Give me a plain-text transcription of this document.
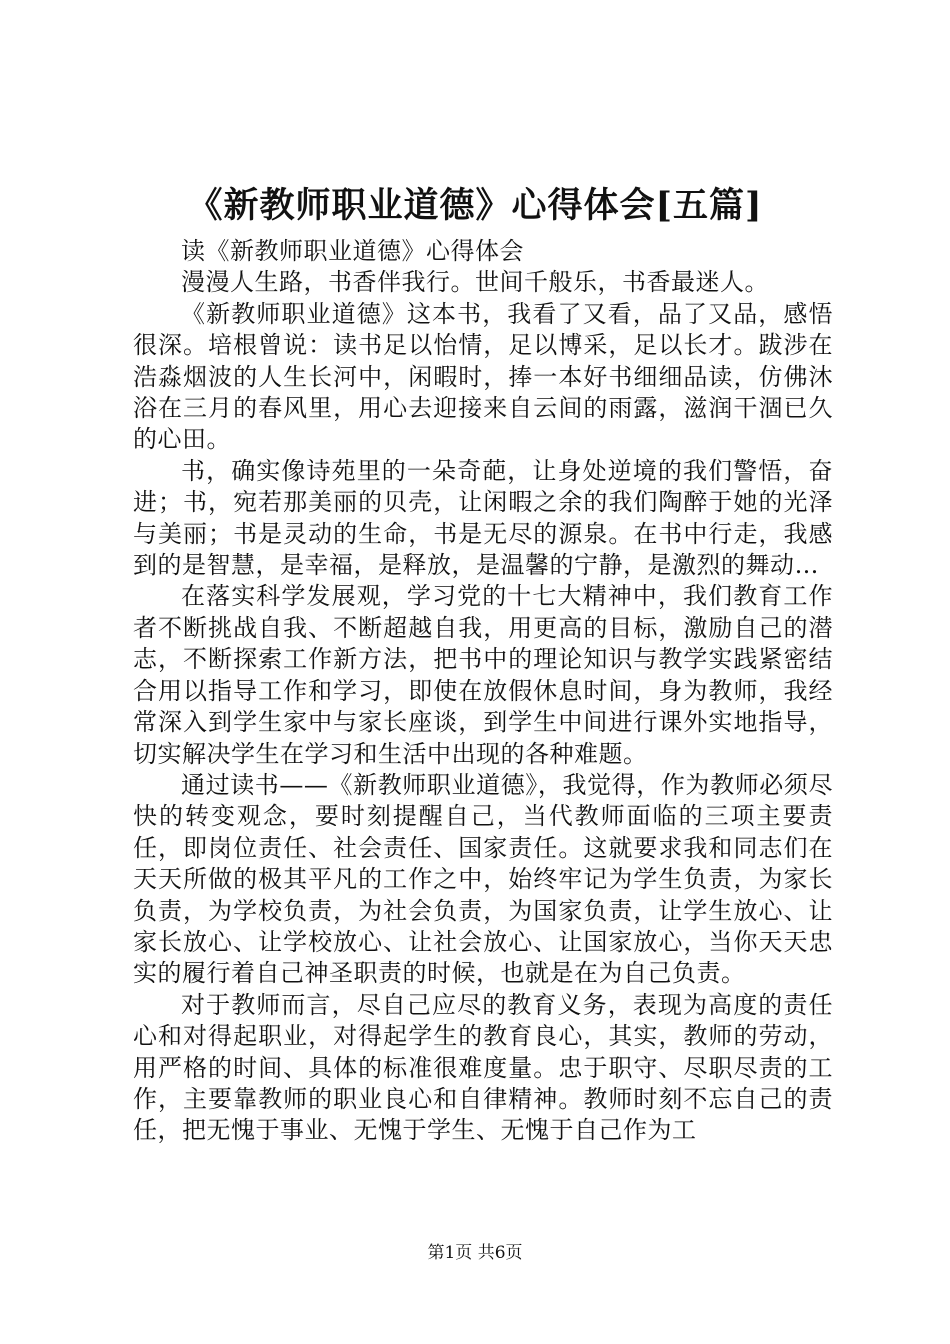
《新教师职业道德》心得体会[五篇]

读《新教师职业道德》心得体会

漫漫人生路，书香伴我行。世间千般乐，书香最迷人。

《新教师职业道德》这本书，我看了又看，品了又品，感悟很深。培根曾说：读书足以怡情，足以博采，足以长才。跋涉在浩淼烟波的人生长河中，闲暇时，捧一本好书细细品读，仿佛沐浴在三月的春风里，用心去迎接来自云间的雨露，滋润干涸已久的心田。

书，确实像诗苑里的一朵奇葩，让身处逆境的我们警悟，奋进；书，宛若那美丽的贝壳，让闲暇之余的我们陶醉于她的光泽与美丽；书是灵动的生命，书是无尽的源泉。在书中行走，我感到的是智慧，是幸福，是释放，是温馨的宁静，是激烈的舞动…

在落实科学发展观，学习党的十七大精神中，我们教育工作者不断挑战自我、不断超越自我，用更高的目标，激励自己的潜志，不断探索工作新方法，把书中的理论知识与教学实践紧密结合用以指导工作和学习，即使在放假休息时间，身为教师，我经常深入到学生家中与家长座谈，到学生中间进行课外实地指导，切实解决学生在学习和生活中出现的各种难题。

通过读书——《新教师职业道德》，我觉得，作为教师必须尽快的转变观念，要时刻提醒自己，当代教师面临的三项主要责任，即岗位责任、社会责任、国家责任。这就要求我和同志们在天天所做的极其平凡的工作之中，始终牢记为学生负责，为家长负责，为学校负责，为社会负责，为国家负责，让学生放心、让家长放心、让学校放心、让社会放心、让国家放心，当你天天忠实的履行着自己神圣职责的时候，也就是在为自己负责。

对于教师而言，尽自己应尽的教育义务，表现为高度的责任心和对得起职业，对得起学生的教育良心，其实，教师的劳动，用严格的时间、具体的标准很难度量。忠于职守、尽职尽责的工作，主要靠教师的职业良心和自律精神。教师时刻不忘自己的责任，把无愧于事业、无愧于学生、无愧于自己作为工

第1页 共6页
